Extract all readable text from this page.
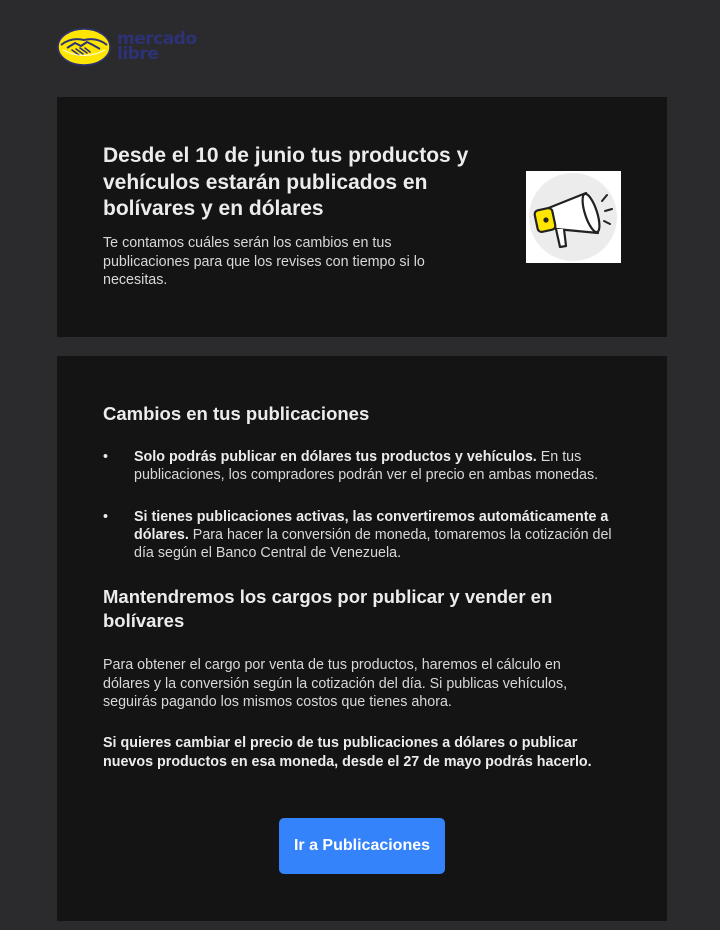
mercado
libre
Desde el 10 de junio tus productos y vehículos estarán publicados en bolívares y en dólares

Te contamos cuáles serán los cambios en tus publicaciones para que los revises con tiempo si lo necesitas.

Cambios en tus publicaciones
• Solo podrás publicar en dólares tus productos y vehículos. En tus publicaciones, los compradores podrán ver el precio en ambas monedas.
• Si tienes publicaciones activas, las convertiremos automáticamente a dólares. Para hacer la conversión de moneda, tomaremos la cotización del día según el Banco Central de Venezuela.
Mantendremos los cargos por publicar y vender en bolívares

Para obtener el cargo por venta de tus productos, haremos el cálculo en dólares y la conversión según la cotización del día. Si publicas vehículos, seguirás pagando los mismos costos que tienes ahora.

Si quieres cambiar el precio de tus publicaciones a dólares o publicar nuevos productos en esa moneda, desde el 27 de mayo podrás hacerlo.

Ir a Publicaciones
